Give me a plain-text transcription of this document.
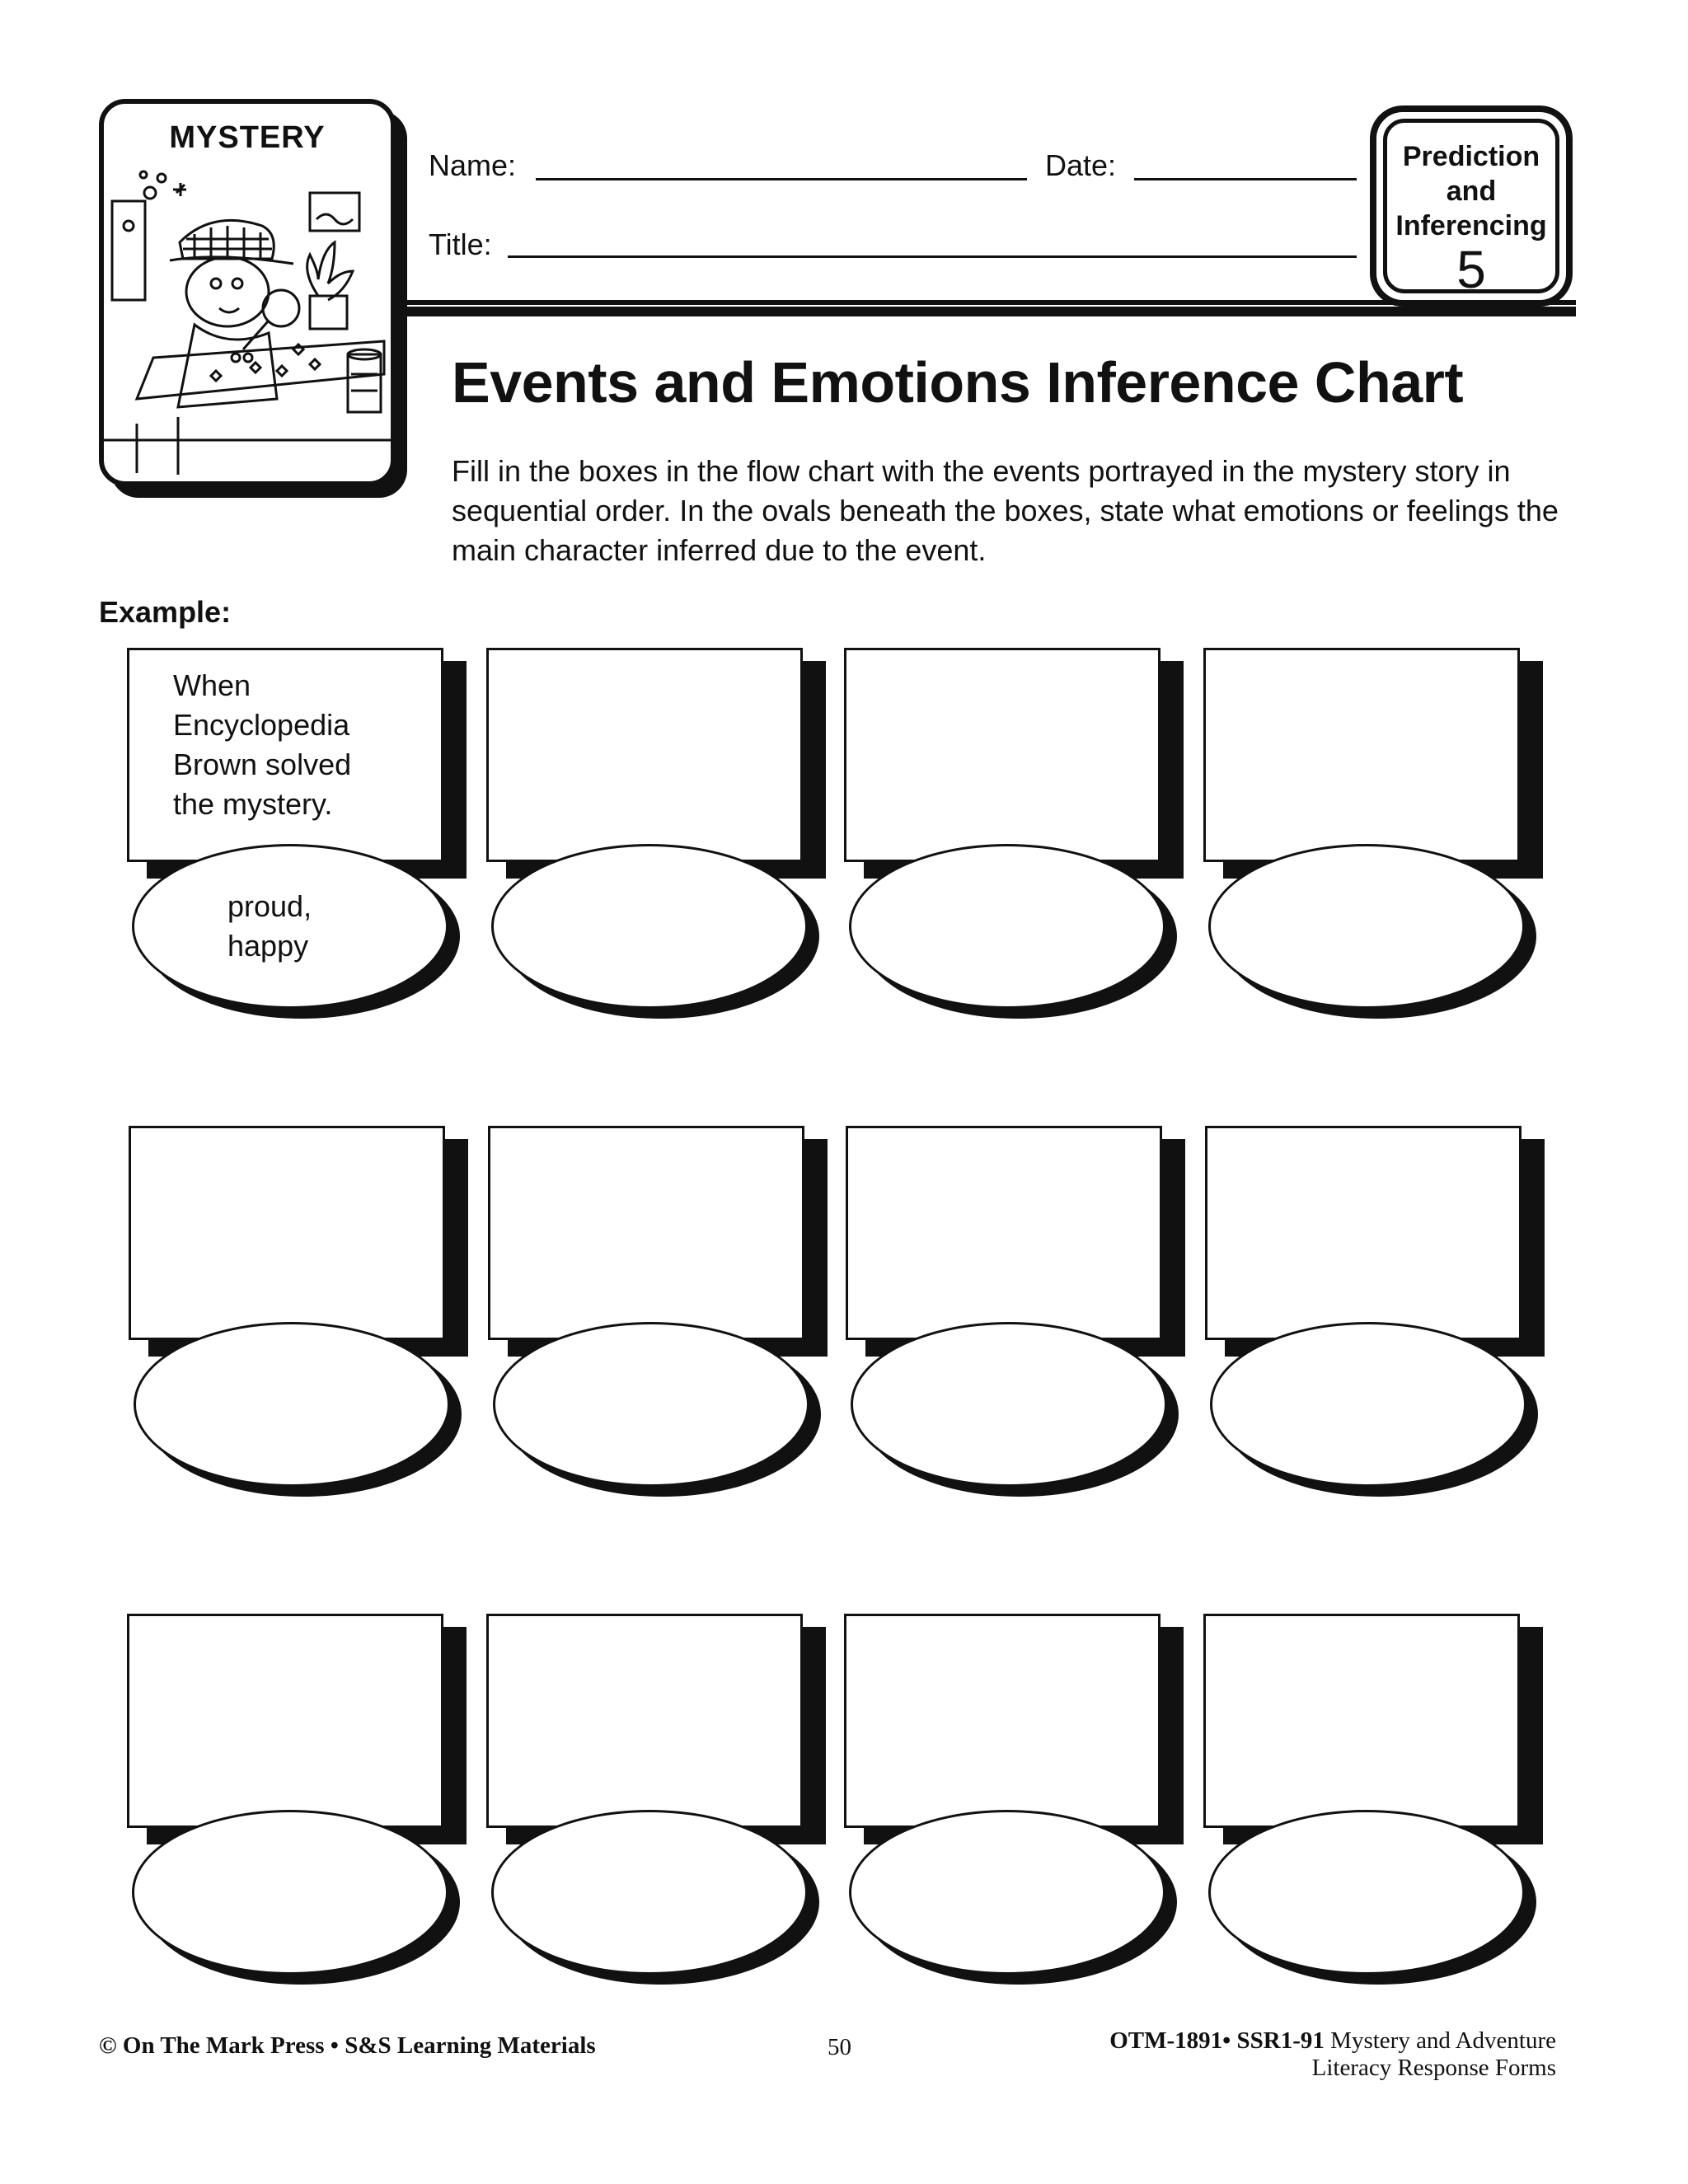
MYSTERY
Name:	Date:
Title:
Prediction
and
Inferencing
5
Events and Emotions Inference Chart
Fill in the boxes in the flow chart with the events portrayed in the mystery story in sequential order. In the ovals beneath the boxes, state what emotions or feelings the main character inferred due to the event.
Example:
When
Encyclopedia
Brown solved
the mystery.
proud,
happy
© On The Mark Press • S&S Learning Materials	50	OTM-1891• SSR1-91 Mystery and Adventure
Literacy Response Forms
